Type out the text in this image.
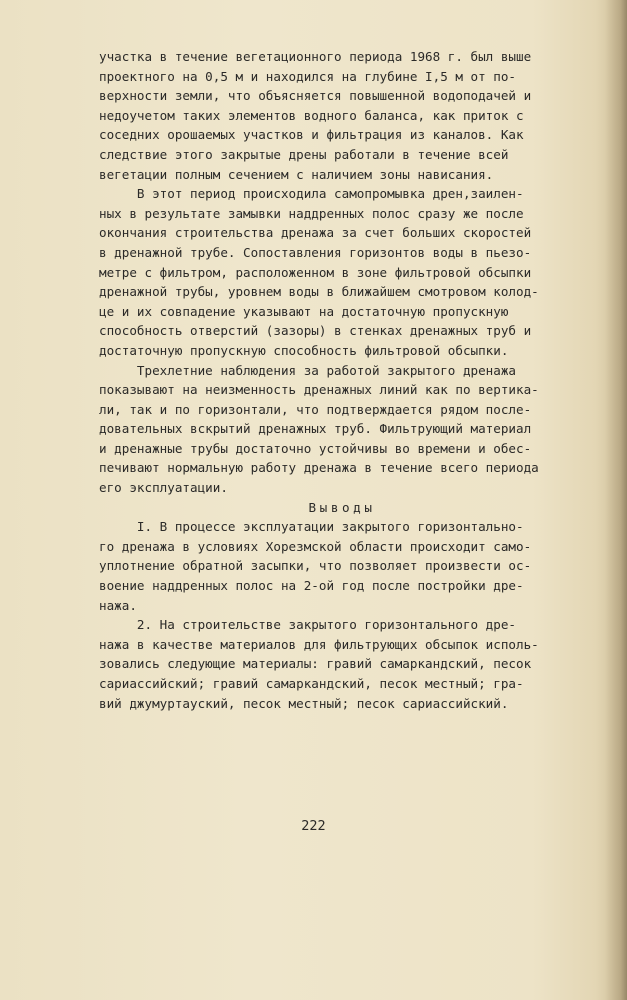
участка в течение вегетационного периода 1968 г. был выше
проектного на 0,5 м и находился на глубине I,5 м от по-
верхности земли, что объясняется повышенной водоподачей и
недоучетом таких элементов водного баланса, как приток с
соседних орошаемых участков и фильтрация из каналов. Как
следствие этого закрытые дрены работали в течение всей
вегетации полным сечением с наличием зоны нависания.
В этот период происходила самопромывка дрен,заилен-
ных в результате замывки наддренных полос сразу же после
окончания строительства дренажа за счет больших скоростей
в дренажной трубе. Сопоставления горизонтов воды в пьезо-
метре с фильтром, расположенном в зоне фильтровой обсыпки
дренажной трубы, уровнем воды в ближайшем смотровом колод-
це и их совпадение указывают на достаточную пропускную
способность отверстий (зазоры) в стенках дренажных труб и
достаточную пропускную способность фильтровой обсыпки.
Трехлетние наблюдения за работой закрытого дренажа
показывают на неизменность дренажных линий как по вертика-
ли, так и по горизонтали, что подтверждается рядом после-
довательных вскрытий дренажных труб. Фильтрующий материал
и дренажные трубы достаточно устойчивы во времени и обес-
печивают нормальную работу дренажа в течение всего периода
его эксплуатации.
Выводы
I. В процессе эксплуатации закрытого горизонтально-
го дренажа в условиях Хорезмской области происходит само-
уплотнение обратной засыпки, что позволяет произвести ос-
воение наддренных полос на 2-ой год после постройки дре-
нажа.
2. На строительстве закрытого горизонтального дре-
нажа в качестве материалов для фильтрующих обсыпок исполь-
зовались следующие материалы: гравий самаркандский, песок
сариассийский; гравий самаркандский, песок местный; гра-
вий джумуртауский, песок местный; песок сариассийский.
222
